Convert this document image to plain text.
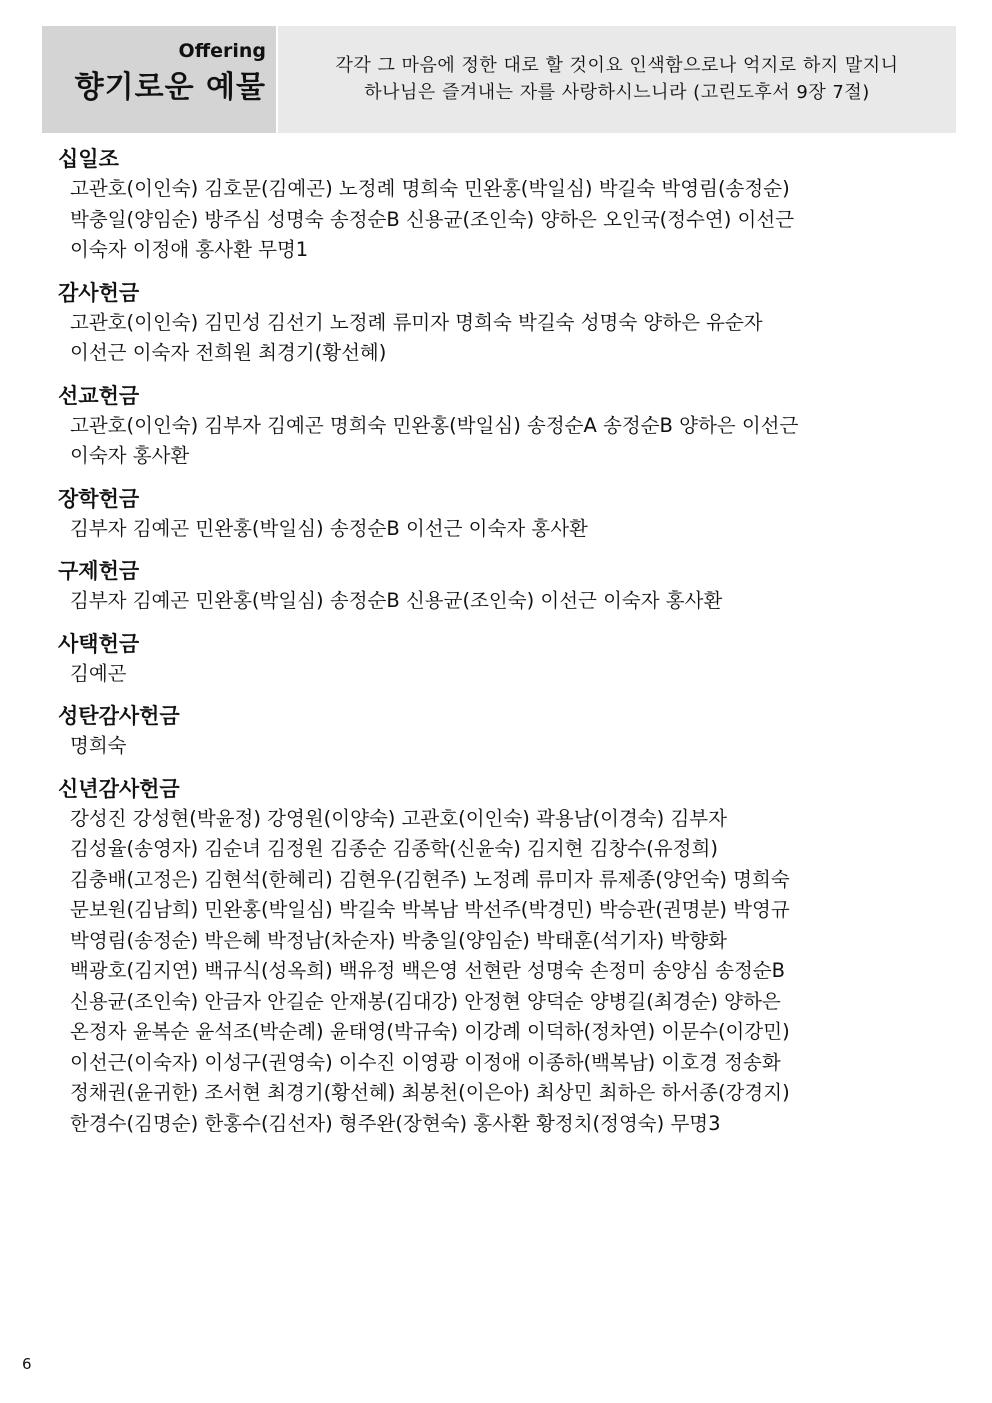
Offering
향기로운 예물
각각 그 마음에 정한 대로 할 것이요 인색함으로나 억지로 하지 말지니
하나님은 즐겨내는 자를 사랑하시느니라 (고린도후서 9장 7절)
십일조
고관호(이인숙) 김호문(김예곤) 노정례 명희숙 민완홍(박일심) 박길숙 박영림(송정순)
박충일(양임순) 방주심 성명숙 송정순B 신용균(조인숙) 양하은 오인국(정수연) 이선근
이숙자 이정애 홍사환 무명1
감사헌금
고관호(이인숙) 김민성 김선기 노정례 류미자 명희숙 박길숙 성명숙 양하은 유순자
이선근 이숙자 전희원 최경기(황선혜)
선교헌금
고관호(이인숙) 김부자 김예곤 명희숙 민완홍(박일심) 송정순A 송정순B 양하은 이선근
이숙자 홍사환
장학헌금
김부자 김예곤 민완홍(박일심) 송정순B 이선근 이숙자 홍사환
구제헌금
김부자 김예곤 민완홍(박일심) 송정순B 신용균(조인숙) 이선근 이숙자 홍사환
사택헌금
김예곤
성탄감사헌금
명희숙
신년감사헌금
강성진 강성현(박윤정) 강영원(이양숙) 고관호(이인숙) 곽용남(이경숙) 김부자
김성율(송영자) 김순녀 김정원 김종순 김종학(신윤숙) 김지현 김창수(유정희)
김충배(고정은) 김현석(한혜리) 김현우(김현주) 노정례 류미자 류제종(양언숙) 명희숙
문보원(김남희) 민완홍(박일심) 박길숙 박복남 박선주(박경민) 박승관(권명분) 박영규
박영림(송정순) 박은혜 박정남(차순자) 박충일(양임순) 박태훈(석기자) 박향화
백광호(김지연) 백규식(성옥희) 백유정 백은영 선현란 성명숙 손정미 송양심 송정순B
신용균(조인숙) 안금자 안길순 안재봉(김대강) 안정현 양덕순 양병길(최경순) 양하은
온정자 윤복순 윤석조(박순례) 윤태영(박규숙) 이강례 이덕하(정차연) 이문수(이강민)
이선근(이숙자) 이성구(권영숙) 이수진 이영광 이정애 이종하(백복남) 이호경 정송화
정채권(윤귀한) 조서현 최경기(황선혜) 최봉천(이은아) 최상민 최하은 하서종(강경지)
한경수(김명순) 한홍수(김선자) 형주완(장현숙) 홍사환 황정치(정영숙) 무명3
6
